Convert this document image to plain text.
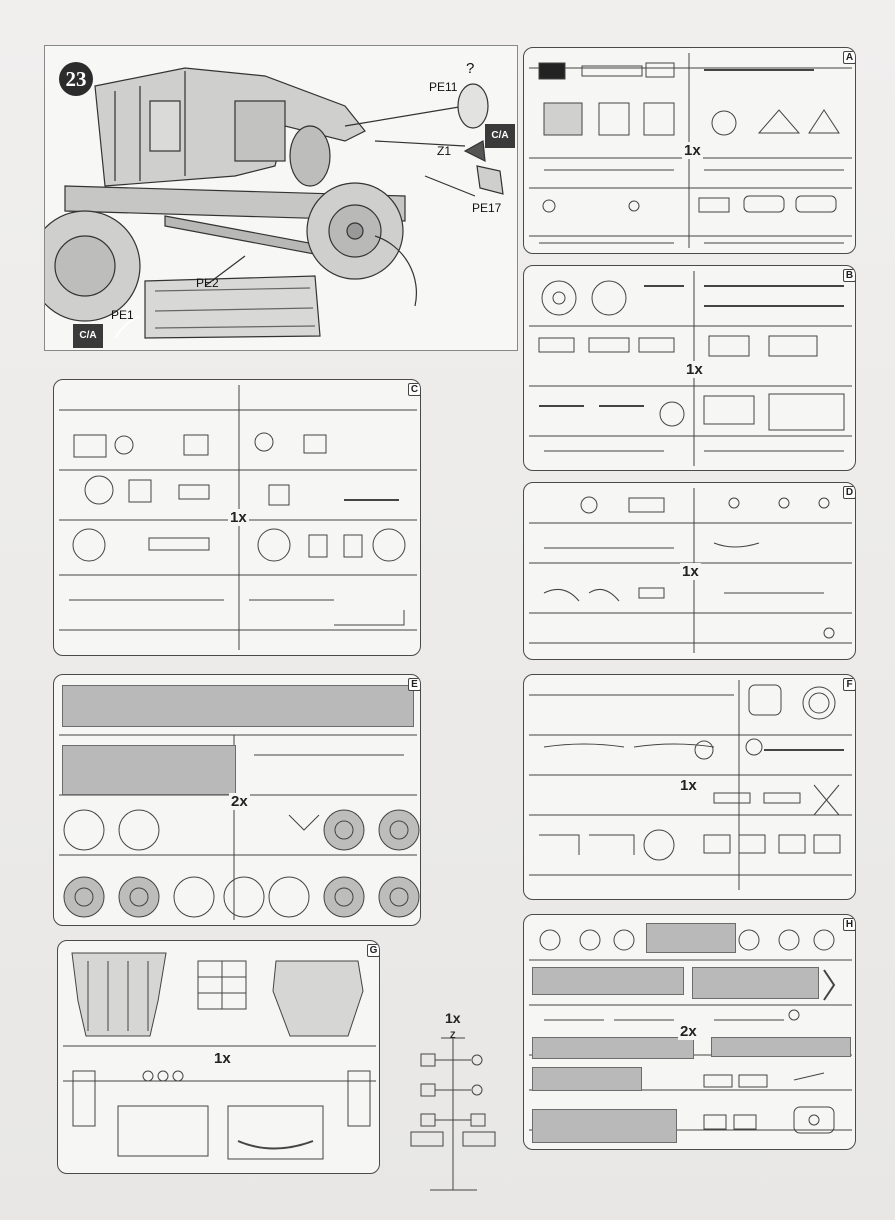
23	?
PE11
C/A
Z1
PE17
PE2
PE1
C/A
A
1x
B
1x
C
1x
D
1x
E
2x
F
1x
G
1x
1x
Z
H
2x
